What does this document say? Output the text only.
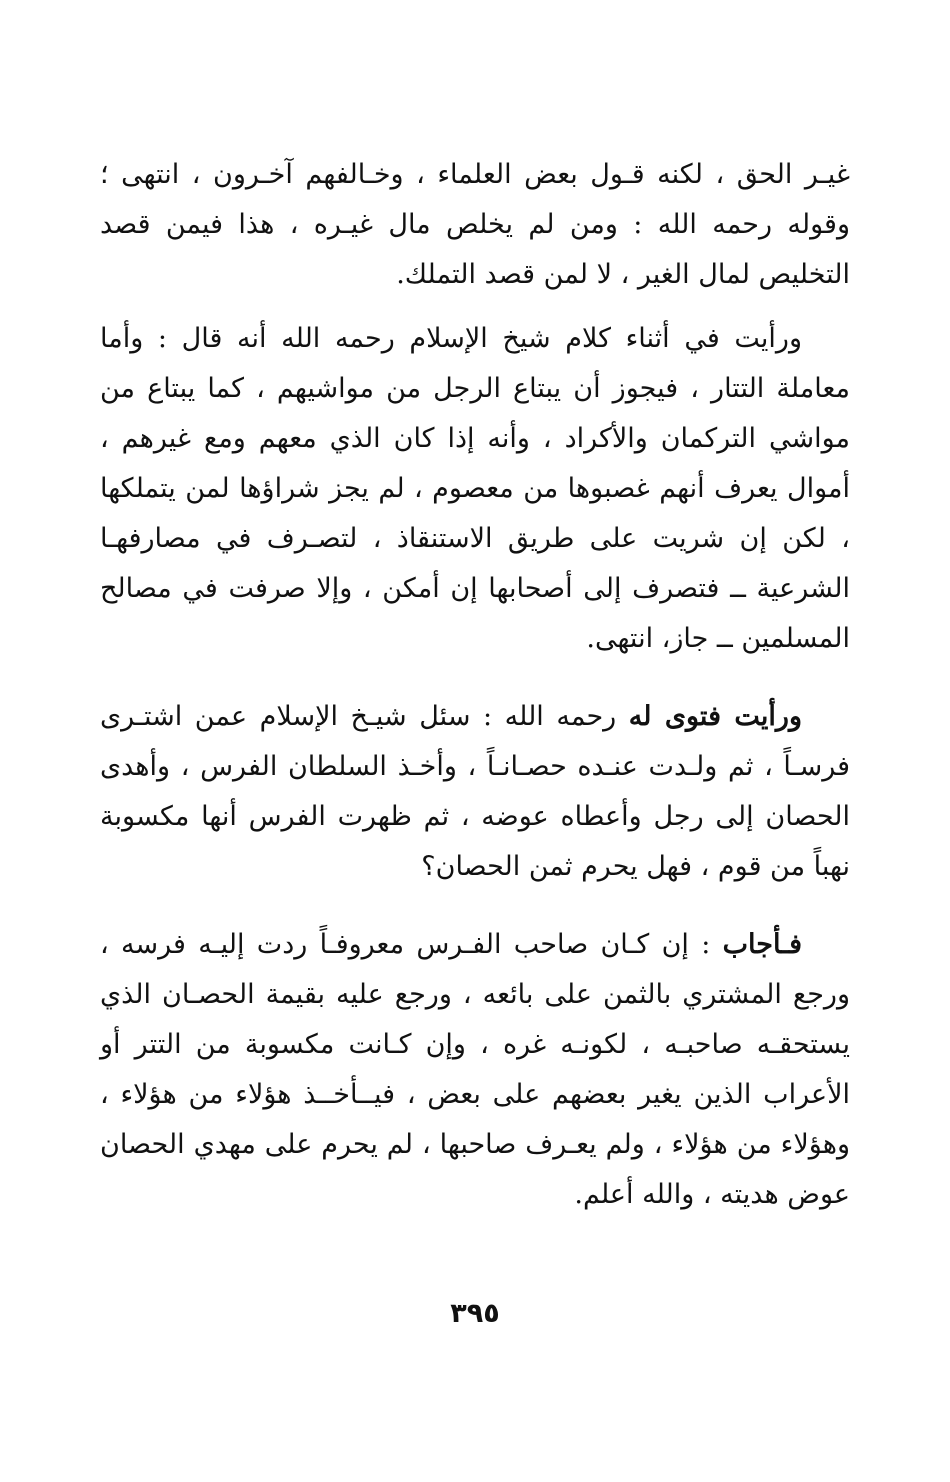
غيـر الحق ، لكنه قـول بعض العلماء ، وخـالفهم آخـرون ، انتهى ؛ وقوله رحمه الله : ومن لم يخلص مال غيـره ، هذا فيمن قصد التخليص لمال الغير ، لا لمن قصد التملك.

ورأيت في أثناء كلام شيخ الإسلام رحمه الله أنه قال : وأما معاملة التتار ، فيجوز أن يبتاع الرجل من مواشيهم ، كما يبتاع من مواشي التركمان والأكراد ، وأنه إذا كان الذي معهم ومع غيرهم ، أموال يعرف أنهم غصبوها من معصوم ، لم يجز شراؤها لمن يتملكها ، لكن إن شريت على طريق الاستنقاذ ، لتصـرف في مصارفهـا الشرعية ــ فتصرف إلى أصحابها إن أمكن ، وإلا صرفت في مصالح المسلمين ــ جاز، انتهى.

ورأيت فتوى له رحمه الله : سئل شيـخ الإسلام عمن اشتـرى فرسـاً ، ثم ولـدت عنـده حصـانـاً ، وأخـذ السلطان الفرس ، وأهدى الحصان إلى رجل وأعطاه عوضه ، ثم ظهرت الفرس أنها مكسوبة نهباً من قوم ، فهل يحرم ثمن الحصان؟

فـأجاب : إن كـان صاحب الفـرس معروفـاً ردت إليـه فرسه ، ورجع المشتري بالثمن على بائعه ، ورجع عليه بقيمة الحصـان الذي يستحقـه صاحبـه ، لكونـه غره ، وإن كـانت مكسوبة من التتر أو الأعراب الذين يغير بعضهم على بعض ، فيــأخــذ هؤلاء من هؤلاء ، وهؤلاء من هؤلاء ، ولم يعـرف صاحبها ، لم يحرم على مهدي الحصان عوض هديته ، والله أعلم.

٣٩٥
